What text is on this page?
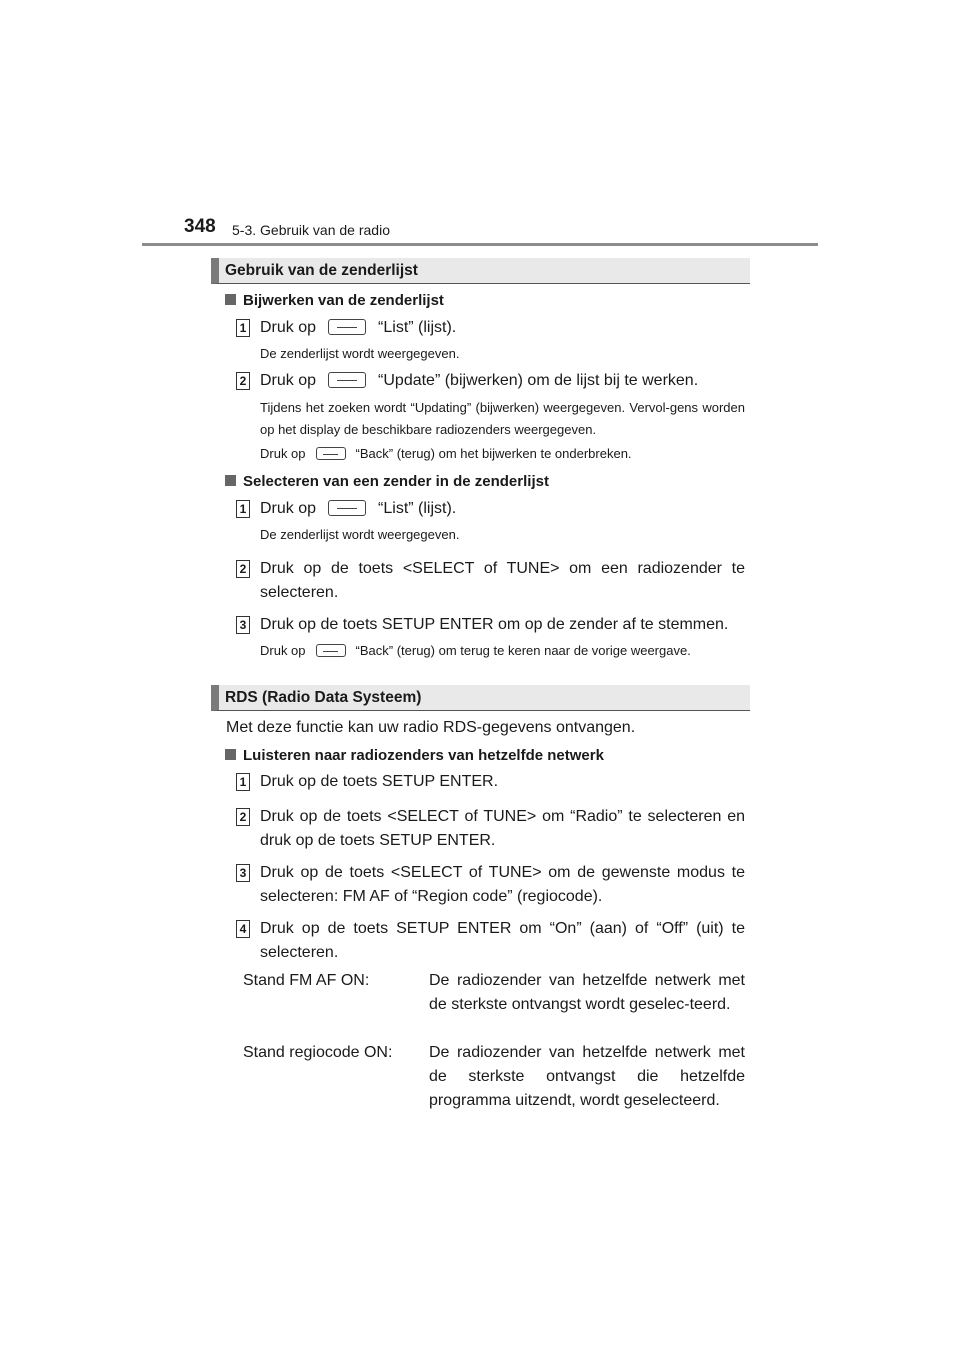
348 5-3. Gebruik van de radio
Gebruik van de zenderlijst
Bijwerken van de zenderlijst
1 Druk op	“List” (lijst).
De zenderlijst wordt weergegeven.
2 Druk op	“Update” (bijwerken) om de lijst bij te werken.
Tijdens het zoeken wordt “Updating” (bijwerken) weergegeven. Vervol-gens worden op het display de beschikbare radiozenders weergegeven.
Druk op	“Back” (terug) om het bijwerken te onderbreken.
Selecteren van een zender in de zenderlijst
1 Druk op	“List” (lijst).
De zenderlijst wordt weergegeven.
2 Druk op de toets <SELECT of TUNE> om een radiozender te selecteren.
3 Druk op de toets SETUP ENTER om op de zender af te stemmen.
Druk op	“Back” (terug) om terug te keren naar de vorige weergave.
RDS (Radio Data Systeem)
Met deze functie kan uw radio RDS-gegevens ontvangen.
Luisteren naar radiozenders van hetzelfde netwerk
1 Druk op de toets SETUP ENTER.
2 Druk op de toets <SELECT of TUNE> om “Radio” te selecteren en druk op de toets SETUP ENTER.
3 Druk op de toets <SELECT of TUNE> om de gewenste modus te selecteren: FM AF of “Region code” (regiocode).
4 Druk op de toets SETUP ENTER om “On” (aan) of “Off” (uit) te selecteren.
Stand FM AF ON:	De radiozender van hetzelfde netwerk met de sterkste ontvangst wordt geselec-teerd.
Stand regiocode ON: De radiozender van hetzelfde netwerk met de sterkste ontvangst die hetzelfde programma uitzendt, wordt geselecteerd.
